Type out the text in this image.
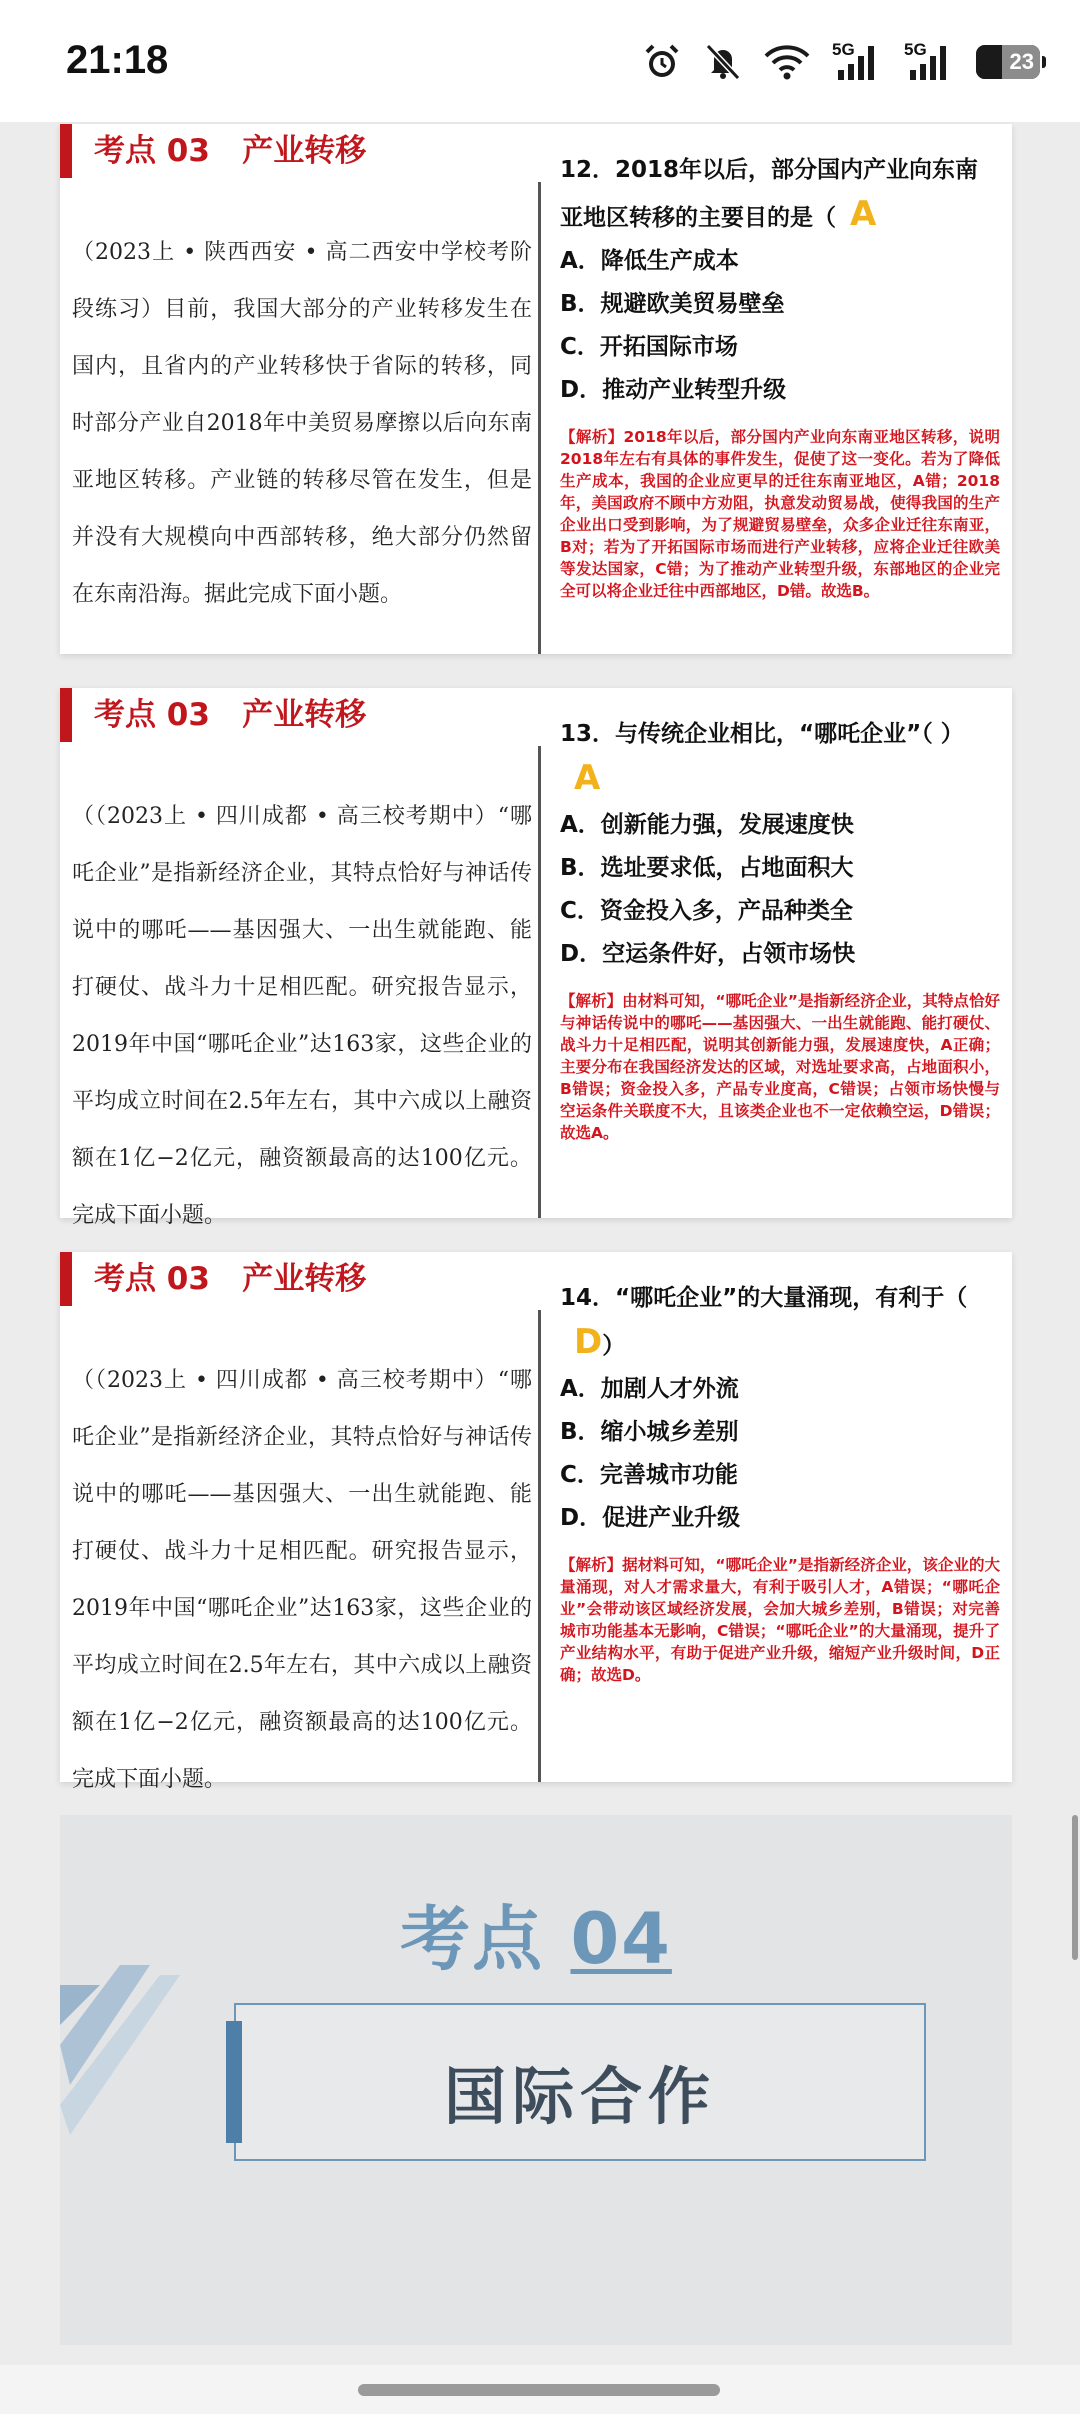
21:18	5G	5G	23
考点 03   产业转移
（2023上 • 陕西西安 • 高二西安中学校考阶段练习）目前，我国大部分的产业转移发生在国内，且省内的产业转移快于省际的转移，同时部分产业自2018年中美贸易摩擦以后向东南亚地区转移。产业链的转移尽管在发生，但是并没有大规模向中西部转移，绝大部分仍然留在东南沿海。据此完成下面小题。
12．2018年以后，部分国内产业向东南亚地区转移的主要目的是（ A
A．降低生产成本
B．规避欧美贸易壁垒
C．开拓国际市场
D．推动产业转型升级
【解析】2018年以后，部分国内产业向东南亚地区转移，说明2018年左右有具体的事件发生，促使了这一变化。若为了降低生产成本，我国的企业应更早的迁往东南亚地区，A错；2018年，美国政府不顾中方劝阻，执意发动贸易战，使得我国的生产企业出口受到影响，为了规避贸易壁垒，众多企业迁往东南亚，B对；若为了开拓国际市场而进行产业转移，应将企业迁往欧美等发达国家，C错；为了推动产业转型升级，东部地区的企业完全可以将企业迁往中西部地区，D错。故选B。
考点 03   产业转移
（（2023上 • 四川成都 • 高三校考期中）“哪吒企业”是指新经济企业，其特点恰好与神话传说中的哪吒——基因强大、一出生就能跑、能打硬仗、战斗力十足相匹配。研究报告显示，2019年中国“哪吒企业”达163家，这些企业的平均成立时间在2.5年左右，其中六成以上融资额在1亿−2亿元，融资额最高的达100亿元。完成下面小题。
13．与传统企业相比，“哪吒企业”（ ）A
A．创新能力强，发展速度快
B．选址要求低，占地面积大
C．资金投入多，产品种类全
D．空运条件好，占领市场快
【解析】由材料可知，“哪吒企业”是指新经济企业，其特点恰好与神话传说中的哪吒——基因强大、一出生就能跑、能打硬仗、战斗力十足相匹配，说明其创新能力强，发展速度快，A正确；主要分布在我国经济发达的区域，对选址要求高，占地面积小，B错误；资金投入多，产品专业度高，C错误；占领市场快慢与空运条件关联度不大，且该类企业也不一定依赖空运，D错误；故选A。
考点 03   产业转移
（（2023上 • 四川成都 • 高三校考期中）“哪吒企业”是指新经济企业，其特点恰好与神话传说中的哪吒——基因强大、一出生就能跑、能打硬仗、战斗力十足相匹配。研究报告显示，2019年中国“哪吒企业”达163家，这些企业的平均成立时间在2.5年左右，其中六成以上融资额在1亿−2亿元，融资额最高的达100亿元。完成下面小题。
14．“哪吒企业”的大量涌现，有利于（D）
A．加剧人才外流
B．缩小城乡差别
C．完善城市功能
D．促进产业升级
【解析】据材料可知，“哪吒企业”是指新经济企业，该企业的大量涌现，对人才需求量大，有利于吸引人才，A错误；“哪吒企业”会带动该区域经济发展，会加大城乡差别，B错误；对完善城市功能基本无影响，C错误；“哪吒企业”的大量涌现，提升了产业结构水平，有助于促进产业升级，缩短产业升级时间，D正确；故选D。
考点 04
国际合作
